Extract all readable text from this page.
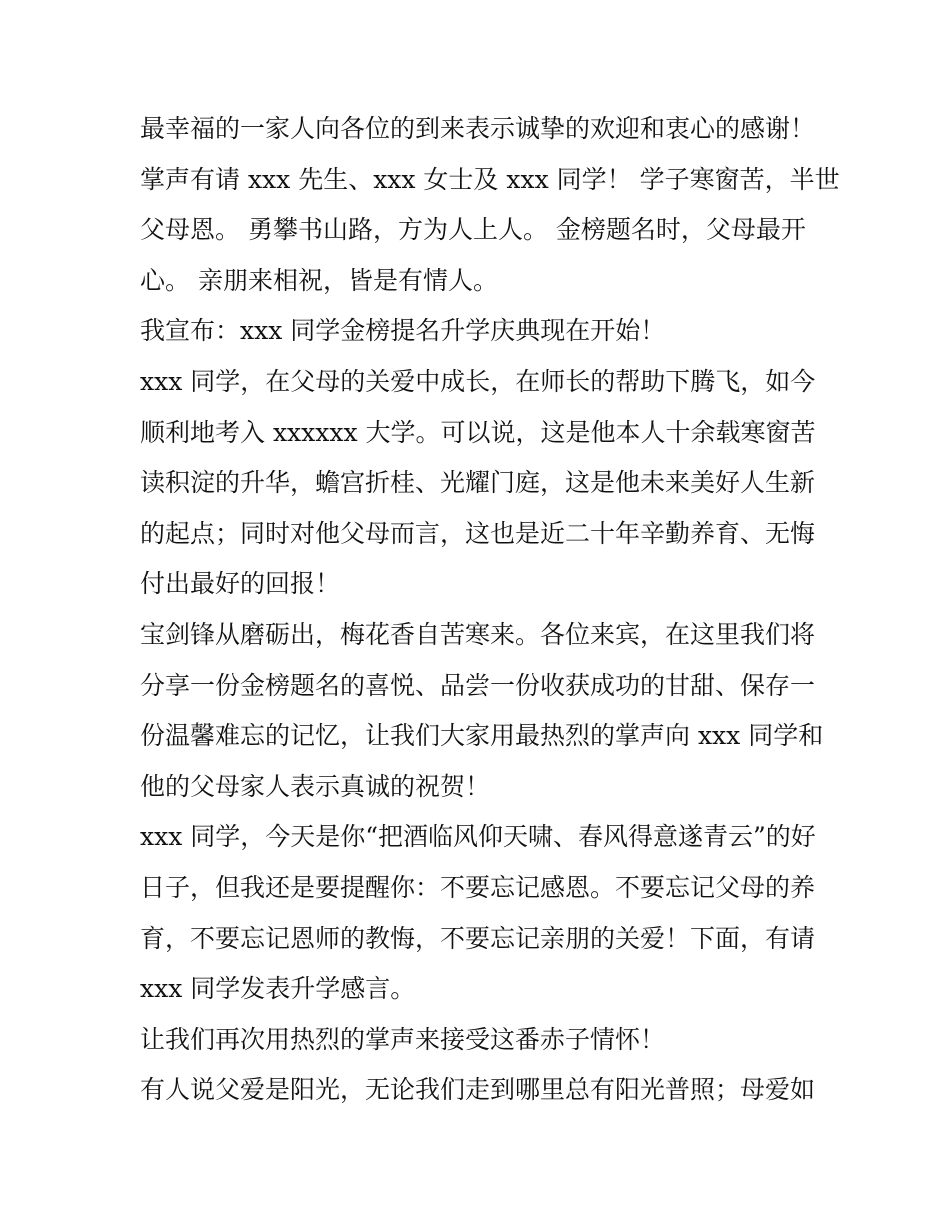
最幸福的一家人向各位的到来表示诚挚的欢迎和衷心的感谢！
掌声有请 xxx 先生、xxx 女士及 xxx 同学！ 学子寒窗苦，半世
父母恩。 勇攀书山路，方为人上人。 金榜题名时，父母最开
心。 亲朋来相祝，皆是有情人。
我宣布：xxx 同学金榜提名升学庆典现在开始！
xxx 同学，在父母的关爱中成长，在师长的帮助下腾飞，如今
顺利地考入 xxxxxx 大学。可以说，这是他本人十余载寒窗苦
读积淀的升华，蟾宫折桂、光耀门庭，这是他未来美好人生新
的起点；同时对他父母而言，这也是近二十年辛勤养育、无悔
付出最好的回报！
宝剑锋从磨砺出，梅花香自苦寒来。各位来宾，在这里我们将
分享一份金榜题名的喜悦、品尝一份收获成功的甘甜、保存一
份温馨难忘的记忆，让我们大家用最热烈的掌声向 xxx 同学和
他的父母家人表示真诚的祝贺！
xxx 同学，今天是你“把酒临风仰天啸、春风得意遂青云”的好
日子，但我还是要提醒你：不要忘记感恩。不要忘记父母的养
育，不要忘记恩师的教悔，不要忘记亲朋的关爱！下面，有请
xxx 同学发表升学感言。
让我们再次用热烈的掌声来接受这番赤子情怀！
有人说父爱是阳光，无论我们走到哪里总有阳光普照；母爱如
